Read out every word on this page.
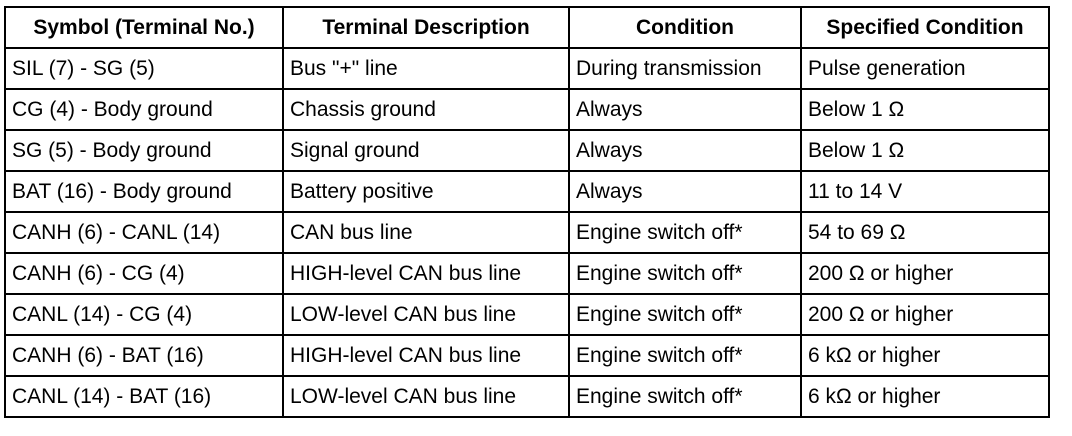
Symbol (Terminal No.)	Terminal Description	Condition	Specified Condition
SIL (7) - SG (5)	Bus "+" line	During transmission	Pulse generation
CG (4) - Body ground	Chassis ground	Always	Below 1 Ω
SG (5) - Body ground	Signal ground	Always	Below 1 Ω
BAT (16) - Body ground	Battery positive	Always	11 to 14 V
CANH (6) - CANL (14)	CAN bus line	Engine switch off*	54 to 69 Ω
CANH (6) - CG (4)	HIGH-level CAN bus line	Engine switch off*	200 Ω or higher
CANL (14) - CG (4)	LOW-level CAN bus line	Engine switch off*	200 Ω or higher
CANH (6) - BAT (16)	HIGH-level CAN bus line	Engine switch off*	6 kΩ or higher
CANL (14) - BAT (16)	LOW-level CAN bus line	Engine switch off*	6 kΩ or higher
